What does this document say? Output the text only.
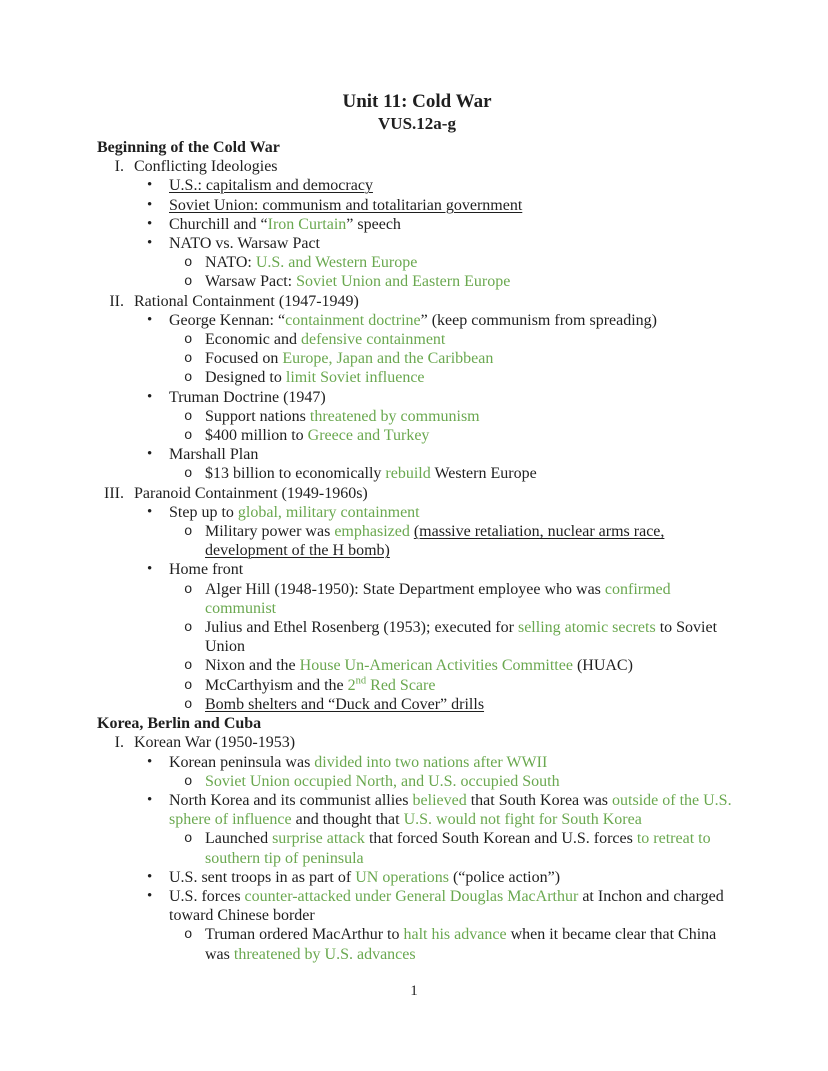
Unit 11: Cold War
VUS.12a-g
Beginning of the Cold War
I. Conflicting Ideologies
• U.S.: capitalism and democracy
• Soviet Union: communism and totalitarian government
• Churchill and “Iron Curtain” speech
• NATO vs. Warsaw Pact
o NATO: U.S. and Western Europe
o Warsaw Pact: Soviet Union and Eastern Europe
II. Rational Containment (1947-1949)
• George Kennan: “containment doctrine” (keep communism from spreading)
o Economic and defensive containment
o Focused on Europe, Japan and the Caribbean
o Designed to limit Soviet influence
• Truman Doctrine (1947)
o Support nations threatened by communism
o $400 million to Greece and Turkey
• Marshall Plan
o $13 billion to economically rebuild Western Europe
III. Paranoid Containment (1949-1960s)
• Step up to global, military containment
o Military power was emphasized (massive retaliation, nuclear arms race, development of the H bomb)
• Home front
o Alger Hill (1948-1950): State Department employee who was confirmed communist
o Julius and Ethel Rosenberg (1953); executed for selling atomic secrets to Soviet Union
o Nixon and the House Un-American Activities Committee (HUAC)
o McCarthyism and the 2nd Red Scare
o Bomb shelters and “Duck and Cover” drills
Korea, Berlin and Cuba
I. Korean War (1950-1953)
• Korean peninsula was divided into two nations after WWII
o Soviet Union occupied North, and U.S. occupied South
• North Korea and its communist allies believed that South Korea was outside of the U.S. sphere of influence and thought that U.S. would not fight for South Korea
o Launched surprise attack that forced South Korean and U.S. forces to retreat to southern tip of peninsula
• U.S. sent troops in as part of UN operations (“police action”)
• U.S. forces counter-attacked under General Douglas MacArthur at Inchon and charged toward Chinese border
o Truman ordered MacArthur to halt his advance when it became clear that China was threatened by U.S. advances
1
